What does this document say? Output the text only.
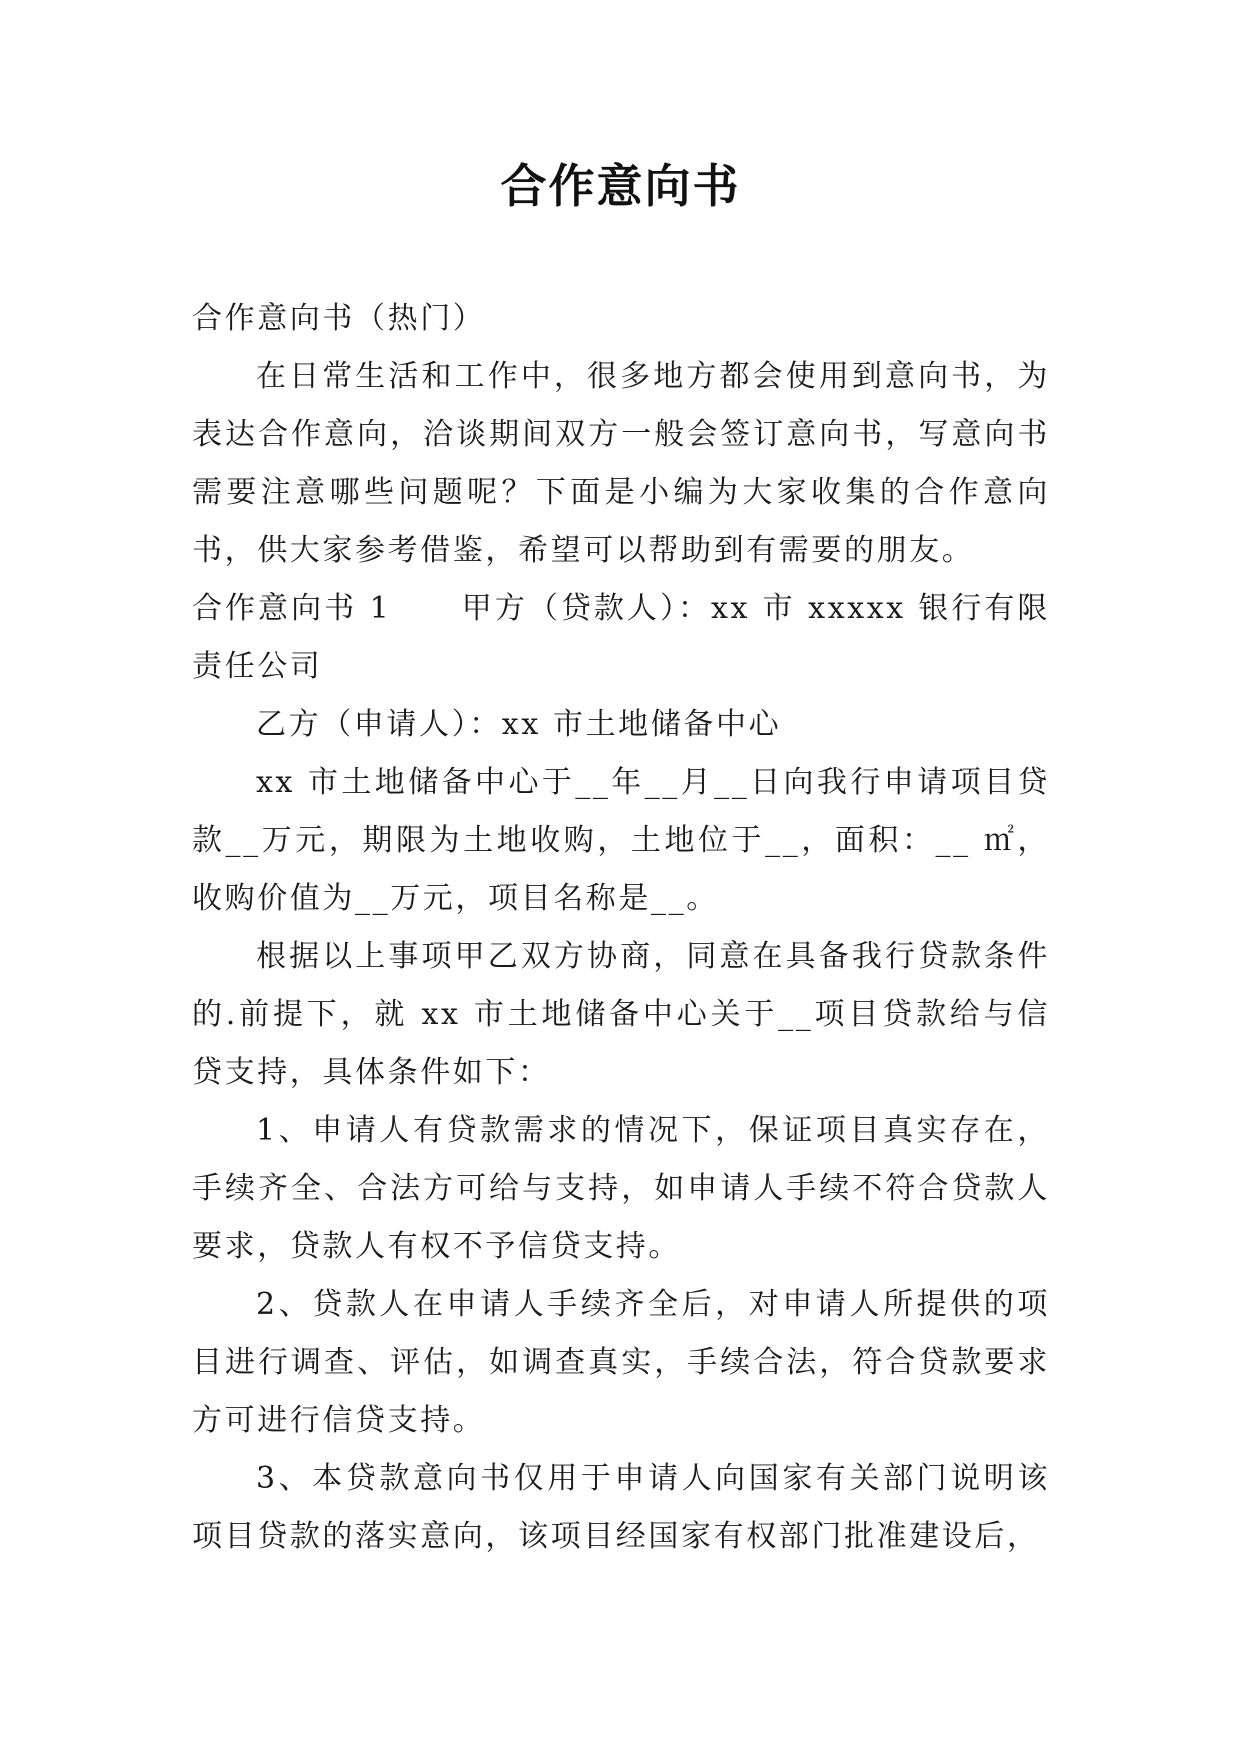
合作意向书

合作意向书（热门）

在日常生活和工作中，很多地方都会使用到意向书，为表达合作意向，洽谈期间双方一般会签订意向书，写意向书需要注意哪些问题呢？下面是小编为大家收集的合作意向书，供大家参考借鉴，希望可以帮助到有需要的朋友。

合作意向书 1 甲方（贷款人）：xx 市 xxxxx 银行有限责任公司

乙方（申请人）：xx 市土地储备中心

xx 市土地储备中心于__年__月__日向我行申请项目贷款__万元，期限为土地收购，土地位于__，面积：__ ㎡，收购价值为__万元，项目名称是__。

根据以上事项甲乙双方协商，同意在具备我行贷款条件的.前提下，就 xx 市土地储备中心关于__项目贷款给与信贷支持，具体条件如下：

1、申请人有贷款需求的情况下，保证项目真实存在，手续齐全、合法方可给与支持，如申请人手续不符合贷款人要求，贷款人有权不予信贷支持。

2、贷款人在申请人手续齐全后，对申请人所提供的项目进行调查、评估，如调查真实，手续合法，符合贷款要求方可进行信贷支持。

3、本贷款意向书仅用于申请人向国家有关部门说明该项目贷款的落实意向，该项目经国家有权部门批准建设后，
